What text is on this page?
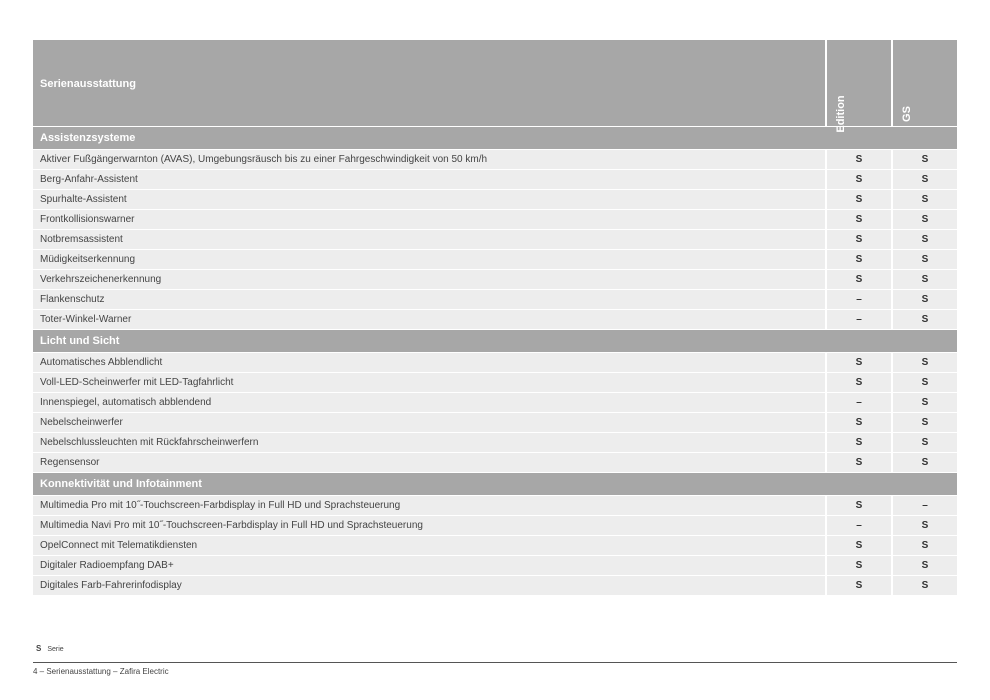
Serienausstattung
Edition	GS
Assistenzsysteme
Aktiver Fußgängerwarnton (AVAS), Umgebungsräusch bis zu einer Fahrgeschwindigkeit von 50 km/h	S	S
Berg-Anfahr-Assistent	S	S
Spurhalte-Assistent	S	S
Frontkollisionswarner	S	S
Notbremsassistent	S	S
Müdigkeitserkennung	S	S
Verkehrszeichenerkennung	S	S
Flankenschutz	–	S
Toter-Winkel-Warner	–	S
Licht und Sicht
Automatisches Abblendlicht	S	S
Voll-LED-Scheinwerfer mit LED-Tagfahrlicht	S	S
Innenspiegel, automatisch abblendend	–	S
Nebelscheinwerfer	S	S
Nebelschlussleuchten mit Rückfahrscheinwerfern	S	S
Regensensor	S	S
Konnektivität und Infotainment
Multimedia Pro mit 10˝-Touchscreen-Farbdisplay in Full HD und Sprachsteuerung	S	–
Multimedia Navi Pro mit 10˝-Touchscreen-Farbdisplay in Full HD und Sprachsteuerung	–	S
OpelConnect mit Telematikdiensten	S	S
Digitaler Radioempfang DAB+	S	S
Digitales Farb-Fahrerinfodisplay	S	S
S Serie
4 – Serienausstattung – Zafira Electric
